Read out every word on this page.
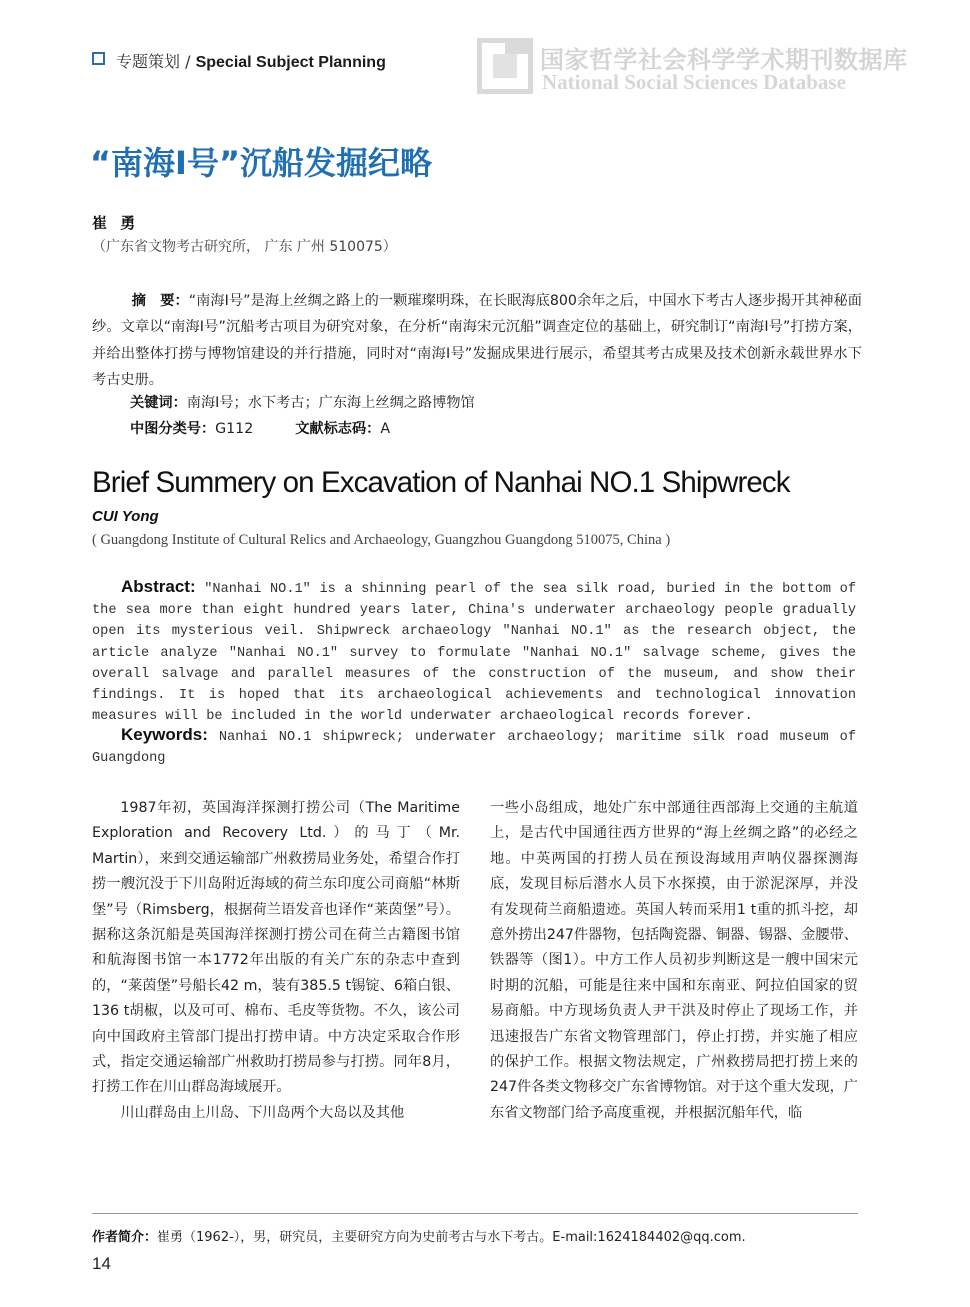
专题策划 / Special Subject Planning	国家哲学社会科学学术期刊数据库
National Social Sciences Database
“南海Ⅰ号”沉船发掘纪略
崔 勇
（广东省文物考古研究所， 广东 广州 510075）
摘　要：“南海Ⅰ号”是海上丝绸之路上的一颗璀璨明珠，在长眠海底800余年之后，中国水下考古人逐步揭开其神秘面纱。文章以“南海Ⅰ号”沉船考古项目为研究对象，在分析“南海宋元沉船”调查定位的基础上，研究制订“南海Ⅰ号”打捞方案，并给出整体打捞与博物馆建设的并行措施，同时对“南海Ⅰ号”发掘成果进行展示，希望其考古成果及技术创新永载世界水下考古史册。
关键词：南海Ⅰ号；水下考古；广东海上丝绸之路博物馆
中图分类号：G112	文献标志码：A
Brief Summery on Excavation of Nanhai NO.1 Shipwreck
CUI Yong
( Guangdong Institute of Cultural Relics and Archaeology, Guangzhou Guangdong 510075, China )
Abstract: "Nanhai NO.1" is a shinning pearl of the sea silk road, buried in the bottom of the sea more than eight hundred years later, China's underwater archaeology people gradually open its mysterious veil. Shipwreck archaeology "Nanhai NO.1" as the research object, the article analyze "Nanhai NO.1" survey to formulate "Nanhai NO.1" salvage scheme, gives the overall salvage and parallel measures of the construction of the museum, and show their findings. It is hoped that its archaeological achievements and technological innovation measures will be included in the world underwater archaeological records forever.
Keywords: Nanhai NO.1 shipwreck; underwater archaeology; maritime silk road museum of Guangdong

1987年初，英国海洋探测打捞公司（The Maritime Exploration and Recovery Ltd.）的马丁（Mr. Martin），来到交通运输部广州救捞局业务处，希望合作打捞一艘沉没于下川岛附近海域的荷兰东印度公司商船“林斯堡”号（Rimsberg，根据荷兰语发音也译作“莱茵堡”号）。据称这条沉船是英国海洋探测打捞公司在荷兰古籍图书馆和航海图书馆一本1772年出版的有关广东的杂志中查到的，“莱茵堡”号船长42 m，装有385.5 t锡锭、6箱白银、136 t胡椒，以及可可、棉布、毛皮等货物。不久，该公司向中国政府主管部门提出打捞申请。中方决定采取合作形式，指定交通运输部广州救助打捞局参与打捞。同年8月，打捞工作在川山群岛海域展开。

川山群岛由上川岛、下川岛两个大岛以及其他

一些小岛组成，地处广东中部通往西部海上交通的主航道上，是古代中国通往西方世界的“海上丝绸之路”的必经之地。中英两国的打捞人员在预设海域用声呐仪器探测海底，发现目标后潜水人员下水探摸，由于淤泥深厚，并没有发现荷兰商船遗迹。英国人转而采用1 t重的抓斗挖，却意外捞出247件器物，包括陶瓷器、铜器、锡器、金腰带、铁器等（图1）。中方工作人员初步判断这是一艘中国宋元时期的沉船，可能是往来中国和东南亚、阿拉伯国家的贸易商船。中方现场负责人尹干洪及时停止了现场工作，并迅速报告广东省文物管理部门，停止打捞，并实施了相应的保护工作。根据文物法规定，广州救捞局把打捞上来的247件各类文物移交广东省博物馆。对于这个重大发现，广东省文物部门给予高度重视，并根据沉船年代，临

作者简介：崔勇（1962-），男，研究员，主要研究方向为史前考古与水下考古。E-mail:1624184402@qq.com.
14
